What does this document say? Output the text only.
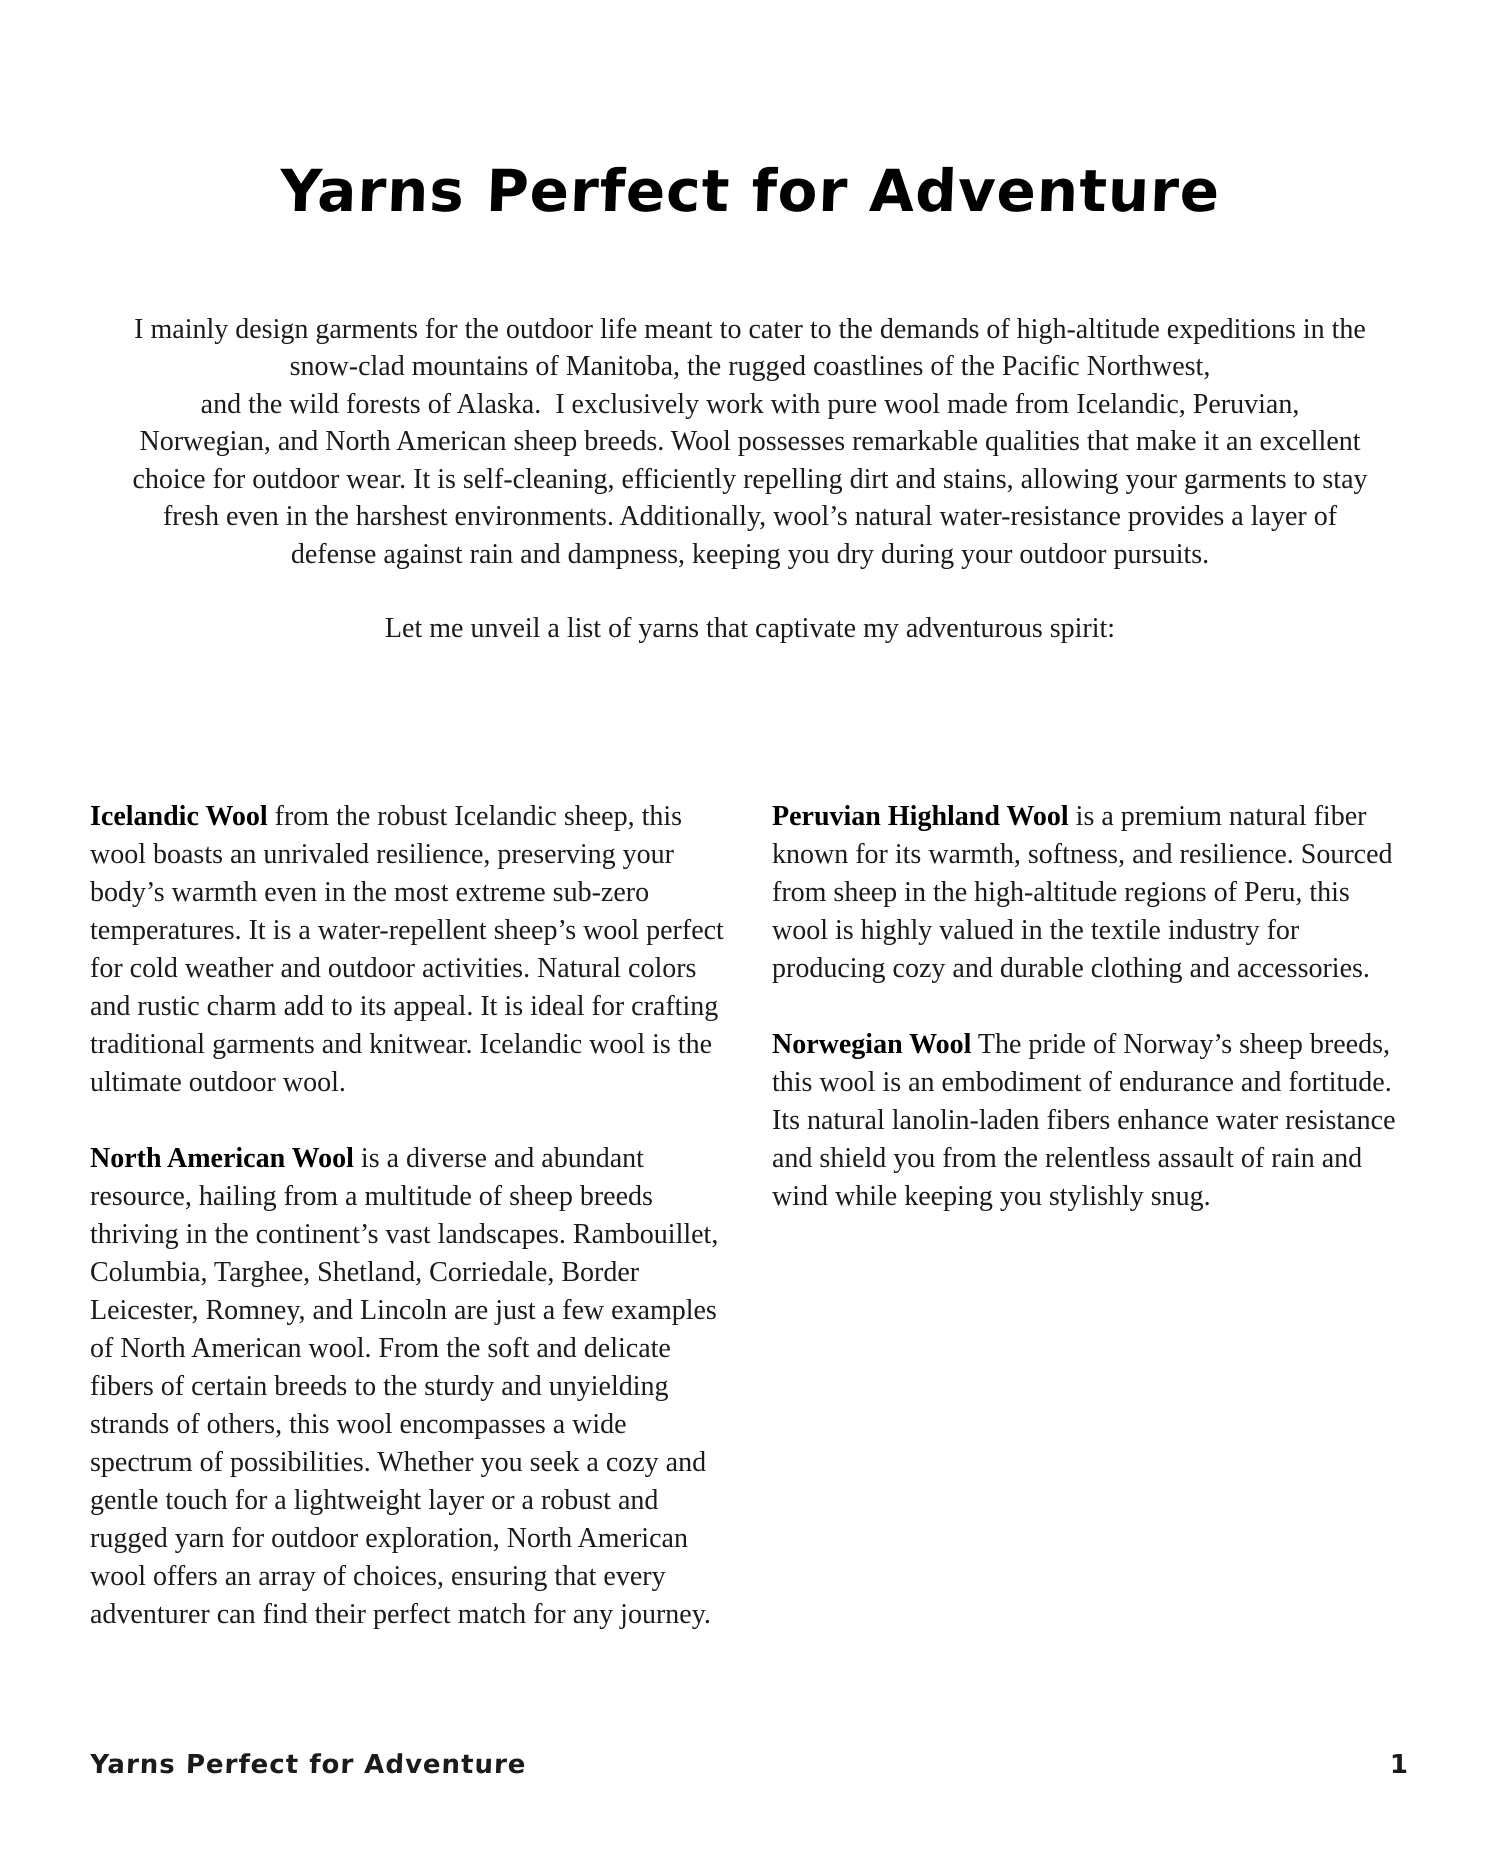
Yarns Perfect for Adventure
I mainly design garments for the outdoor life meant to cater to the demands of high-altitude expeditions in the
snow-clad mountains of Manitoba, the rugged coastlines of the Pacific Northwest,
and the wild forests of Alaska.  I exclusively work with pure wool made from Icelandic, Peruvian,
Norwegian, and North American sheep breeds. Wool possesses remarkable qualities that make it an excellent
choice for outdoor wear. It is self-cleaning, efficiently repelling dirt and stains, allowing your garments to stay
fresh even in the harshest environments. Additionally, wool’s natural water-resistance provides a layer of
defense against rain and dampness, keeping you dry during your outdoor pursuits.
Let me unveil a list of yarns that captivate my adventurous spirit:

Icelandic Wool from the robust Icelandic sheep, this wool boasts an unrivaled resilience, preserving your body’s warmth even in the most extreme sub-zero temperatures. It is a water-repellent sheep’s wool perfect for cold weather and outdoor activities. Natural colors and rustic charm add to its appeal. It is ideal for crafting traditional garments and knitwear. Icelandic wool is the ultimate outdoor wool.

North American Wool is a diverse and abundant resource, hailing from a multitude of sheep breeds thriving in the continent’s vast landscapes. Rambouillet, Columbia, Targhee, Shetland, Corriedale, Border Leicester, Romney, and Lincoln are just a few examples of North American wool. From the soft and delicate fibers of certain breeds to the sturdy and unyielding strands of others, this wool encompasses a wide spectrum of possibilities. Whether you seek a cozy and gentle touch for a lightweight layer or a robust and rugged yarn for outdoor exploration, North American wool offers an array of choices, ensuring that every adventurer can find their perfect match for any journey.

Peruvian Highland Wool is a premium natural fiber known for its warmth, softness, and resilience. Sourced from sheep in the high-altitude regions of Peru, this wool is highly valued in the textile industry for producing cozy and durable clothing and accessories.

Norwegian Wool The pride of Norway’s sheep breeds, this wool is an embodiment of endurance and fortitude. Its natural lanolin-laden fibers enhance water resistance and shield you from the relentless assault of rain and wind while keeping you stylishly snug.

Yarns Perfect for Adventure	1
